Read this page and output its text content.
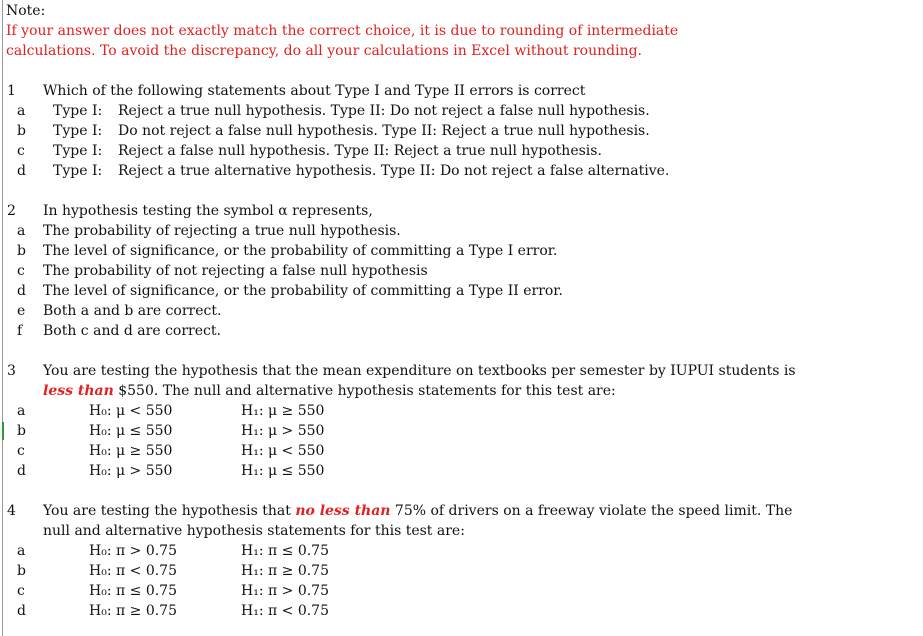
Note:
If your answer does not exactly match the correct choice, it is due to rounding of intermediate
calculations. To avoid the discrepancy, do all your calculations in Excel without rounding.
1 Which of the following statements about Type I and Type II errors is correct
a Type I: Reject a true null hypothesis. Type II: Do not reject a false null hypothesis.
b Type I: Do not reject a false null hypothesis. Type II: Reject a true null hypothesis.
c Type I: Reject a false null hypothesis. Type II: Reject a true null hypothesis.
d Type I: Reject a true alternative hypothesis. Type II: Do not reject a false alternative.
2 In hypothesis testing the symbol α represents,
a The probability of rejecting a true null hypothesis.
b The level of significance, or the probability of committing a Type I error.
c The probability of not rejecting a false null hypothesis
d The level of significance, or the probability of committing a Type II error.
e Both a and b are correct.
f Both c and d are correct.
3 You are testing the hypothesis that the mean expenditure on textbooks per semester by IUPUI students is
less than $550. The null and alternative hypothesis statements for this test are:
a	H₀: μ < 550	H₁: μ ≥ 550
b	H₀: μ ≤ 550	H₁: μ > 550
c	H₀: μ ≥ 550	H₁: μ < 550
d	H₀: μ > 550	H₁: μ ≤ 550
4 You are testing the hypothesis that no less than 75% of drivers on a freeway violate the speed limit. The
null and alternative hypothesis statements for this test are:
a	H₀: π > 0.75	H₁: π ≤ 0.75
b	H₀: π < 0.75	H₁: π ≥ 0.75
c	H₀: π ≤ 0.75	H₁: π > 0.75
d	H₀: π ≥ 0.75	H₁: π < 0.75
